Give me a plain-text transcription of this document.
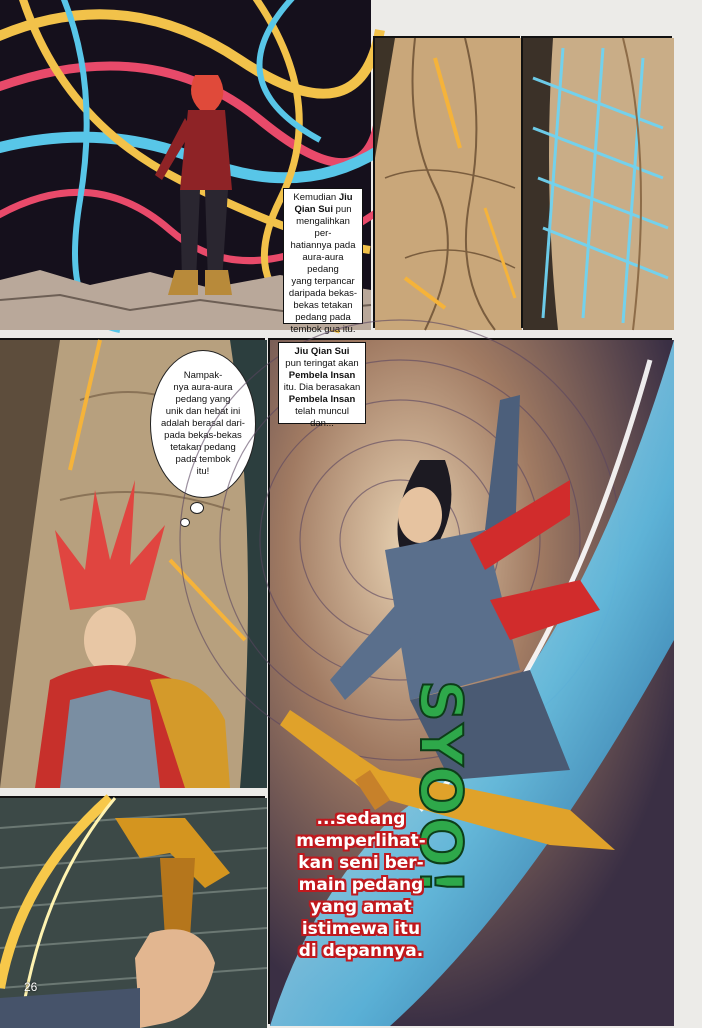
Kemudian Jiu
Qian Sui pun
mengalihkan per-
hatiannya pada
aura-aura pedang
yang terpancar
daripada bekas-
bekas tetakan
pedang pada
tembok gua itu.
Nampak-
nya aura-aura
pedang yang
unik dan hebat ini
adalah berasal dari-
pada bekas-bekas
tetakan pedang
pada tembok
itu!
Jiu Qian Sui
pun teringat akan
Pembela Insan
itu. Dia berasakan
Pembela Insan
telah muncul dan...
SYOO!
...sedang
memperlihat-
kan seni ber-
main pedang
yang amat
istimewa itu
di depannya.
26
